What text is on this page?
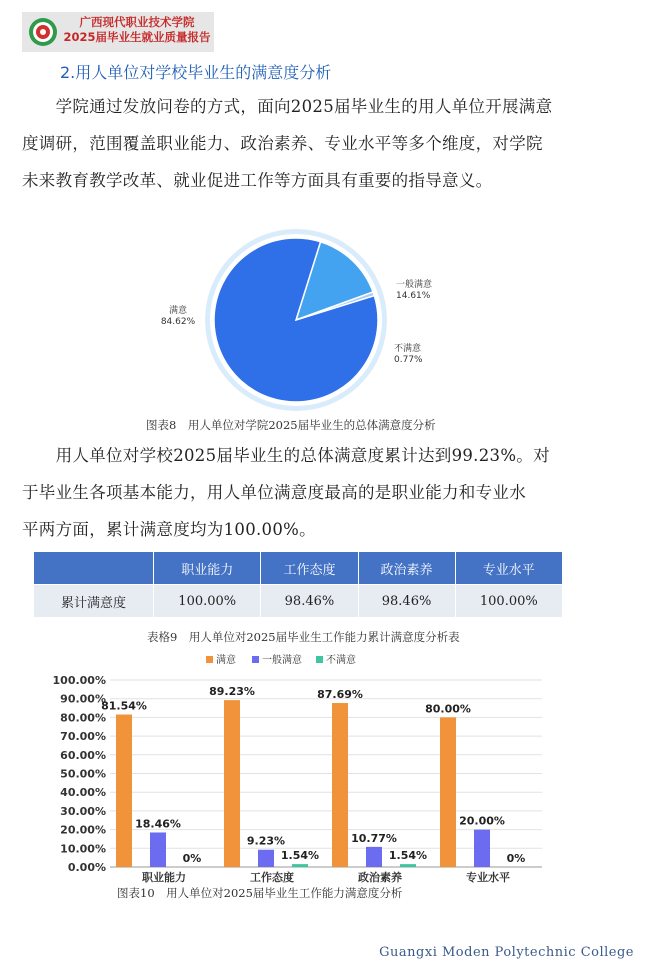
广西现代职业技术学院
2025届毕业生就业质量报告
2.用人单位对学校毕业生的满意度分析
　　学院通过发放问卷的方式，面向2025届毕业生的用人单位开展满意
度调研，范围覆盖职业能力、政治素养、专业水平等多个维度，对学院
未来教育教学改革、就业促进工作等方面具有重要的指导意义。
满意
84.62%
一般满意
14.61%
不满意
0.77%
图表8　用人单位对学院2025届毕业生的总体满意度分析
　　用人单位对学校2025届毕业生的总体满意度累计达到99.23%。对
于毕业生各项基本能力，用人单位满意度最高的是职业能力和专业水
平两方面，累计满意度均为100.00%。
	职业能力	工作态度	政治素养	专业水平
累计满意度	100.00%	98.46%	98.46%	100.00%
表格9　用人单位对2025届毕业生工作能力累计满意度分析表
满意	一般满意 不满意
0.00%
10.00%
20.00%
30.00%
40.00%
50.00%
60.00%
70.00%
80.00%
90.00%
100.00%
81.54%
18.46%
0%
职业能力
89.23%
9.23%
1.54%
工作态度
87.69%
10.77%
1.54%
政治素养
80.00%
20.00%
0%
专业水平
图表10　用人单位对2025届毕业生工作能力满意度分析
Guangxi Moden Polytechnic College
